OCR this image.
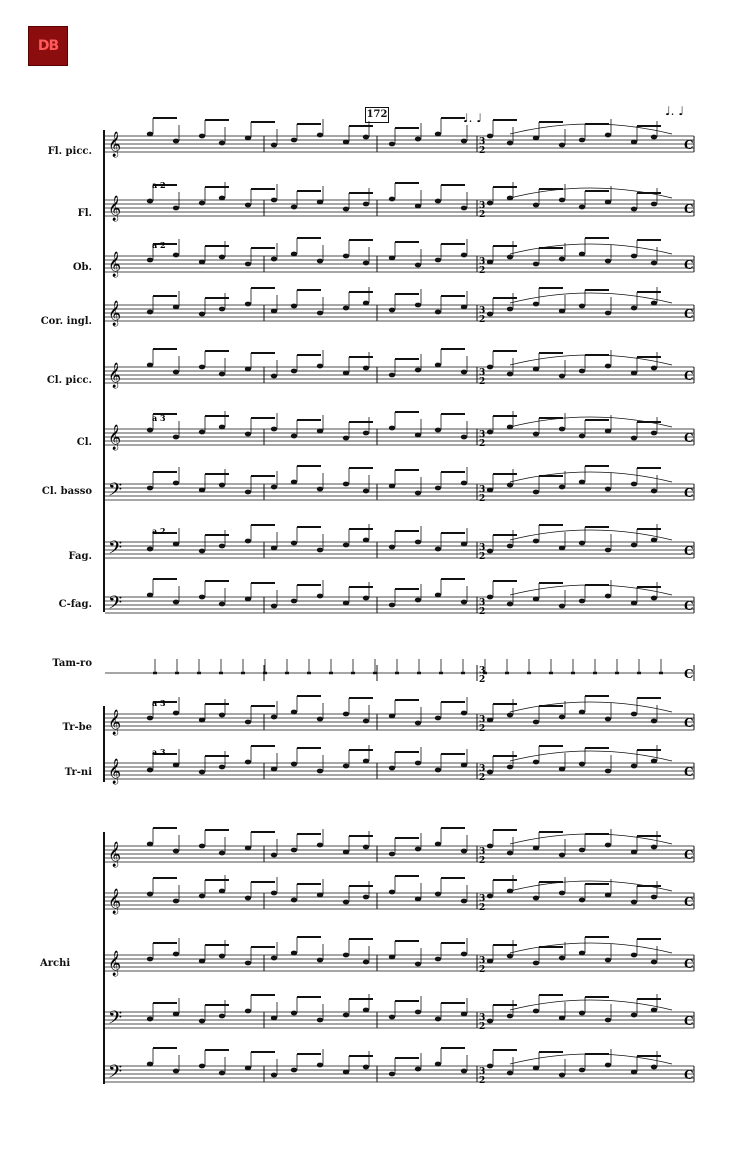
DB
172
𝄞
𝄞
𝄞
𝄞
𝄞
𝄞
𝄢
𝄢
𝄢
𝄞
𝄞
𝄞
𝄞
𝄞
𝄢
𝄢
3
2	C
3
2	C
3
2	C
3
2	C
3
2	C
3
2	C
3
2	C
3
2	C
3
2	C
3
2	C
3
2	C
3
2	C
3
2	C
3
2	C
3
2	C
3
2	C
3
2	C
♩. ♩	♩. ♩
a 2
a 2
a 2
a 3
a 3
a 3
Fl. picc.
Fl.
Ob.
Cor. ingl.
Cl. picc.
Cl.
Cl. basso
Fag.
C-fag.
Tam-ro
Tr-be
Tr-ni
Archi
